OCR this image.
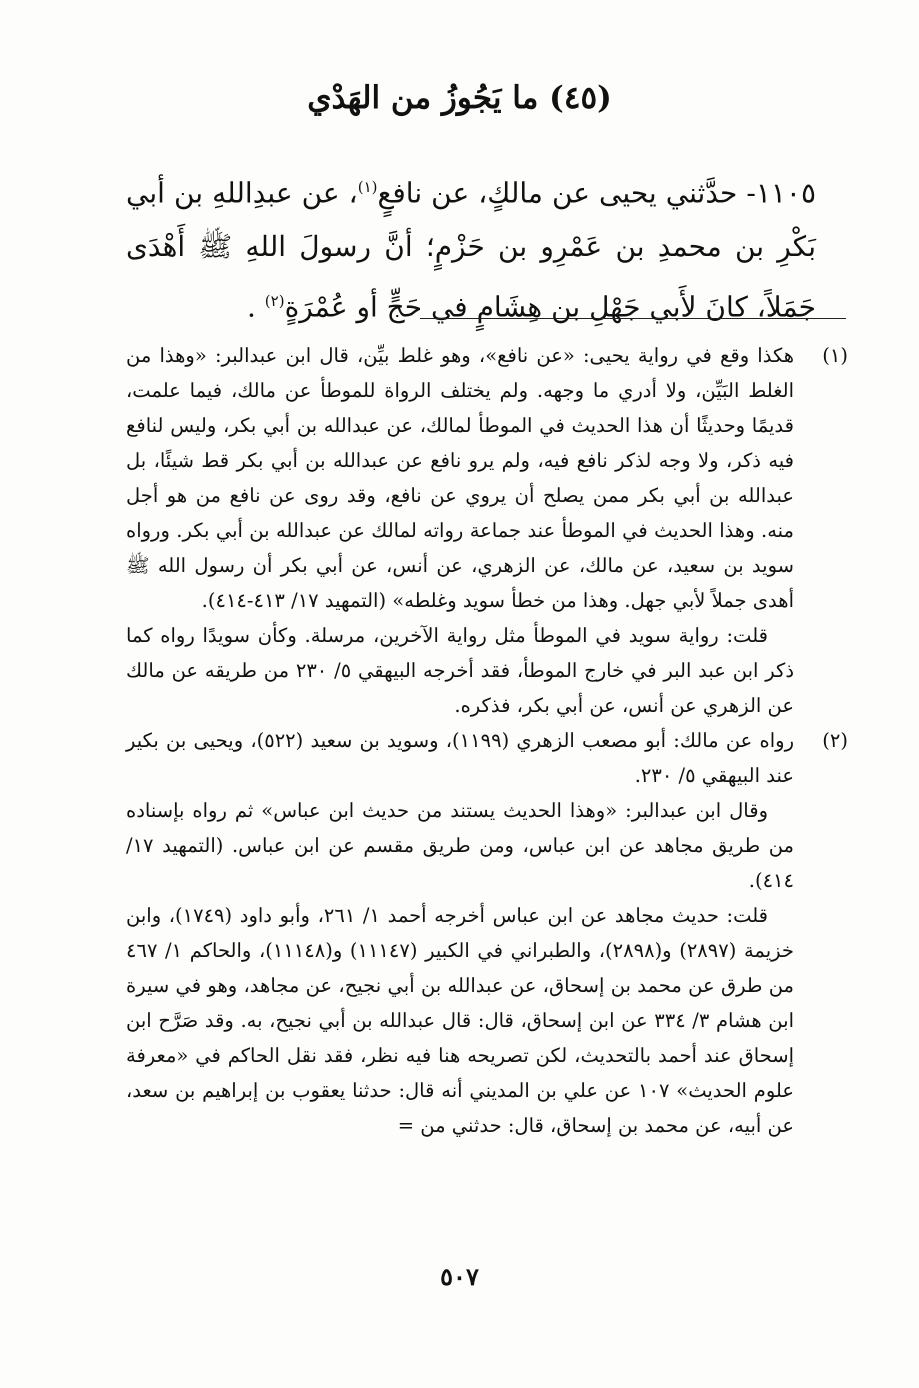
(٤٥) ما يَجُوزُ من الهَدْي
١١٠٥- حدَّثني يحيى عن مالكٍ، عن نافعٍ$^{(١)}$، عن عبدِاللهِ بن أبي بَكْرِ بن محمدِ بن عَمْرِو بن حَزْمٍ؛ أنَّ رسولَ اللهِ ﷺ أَهْدَى جَمَلاً، كانَ لأَبي جَهْلِ بن هِشَامٍ في حَجٍّ أو عُمْرَةٍ$^{(٢)}$ .
(١)

هكذا وقع في رواية يحيى: «عن نافع»، وهو غلط بيِّن، قال ابن عبدالبر: «وهذا من الغلط البَيِّن، ولا أدري ما وجهه. ولم يختلف الرواة للموطأ عن مالك، فيما علمت، قديمًا وحديثًا أن هذا الحديث في الموطأ لمالك، عن عبدالله بن أبي بكر، وليس لنافع فيه ذكر، ولا وجه لذكر نافع فيه، ولم يرو نافع عن عبدالله بن أبي بكر قط شيئًا، بل عبدالله بن أبي بكر ممن يصلح أن يروي عن نافع، وقد روى عن نافع من هو أجل منه. وهذا الحديث في الموطأ عند جماعة رواته لمالك عن عبدالله بن أبي بكر. ورواه سويد بن سعيد، عن مالك، عن الزهري، عن أنس، عن أبي بكر أن رسول الله ﷺ أهدى جملاً لأبي جهل. وهذا من خطأ سويد وغلطه» (التمهيد ١٧/ ٤١٣-٤١٤).

قلت: رواية سويد في الموطأ مثل رواية الآخرين، مرسلة. وكأن سويدًا رواه كما ذكر ابن عبد البر في خارج الموطأ، فقد أخرجه البيهقي ٥/ ٢٣٠ من طريقه عن مالك عن الزهري عن أنس، عن أبي بكر، فذكره.

(٢)

رواه عن مالك: أبو مصعب الزهري (١١٩٩)، وسويد بن سعيد (٥٢٢)، ويحيى بن بكير عند البيهقي ٥/ ٢٣٠.

وقال ابن عبدالبر: «وهذا الحديث يستند من حديث ابن عباس» ثم رواه بإسناده من طريق مجاهد عن ابن عباس، ومن طريق مقسم عن ابن عباس. (التمهيد ١٧/ ٤١٤).

قلت: حديث مجاهد عن ابن عباس أخرجه أحمد ١/ ٢٦١، وأبو داود (١٧٤٩)، وابن خزيمة (٢٨٩٧) و(٢٨٩٨)، والطبراني في الكبير (١١١٤٧) و(١١١٤٨)، والحاكم ١/ ٤٦٧ من طرق عن محمد بن إسحاق، عن عبدالله بن أبي نجيح، عن مجاهد، وهو في سيرة ابن هشام ٣/ ٣٣٤ عن ابن إسحاق، قال: قال عبدالله بن أبي نجيح، به. وقد صَرَّح ابن إسحاق عند أحمد بالتحديث، لكن تصريحه هنا فيه نظر، فقد نقل الحاكم في «معرفة علوم الحديث» ١٠٧ عن علي بن المديني أنه قال: حدثنا يعقوب بن إبراهيم بن سعد، عن أبيه، عن محمد بن إسحاق، قال: حدثني من =

٥٠٧
